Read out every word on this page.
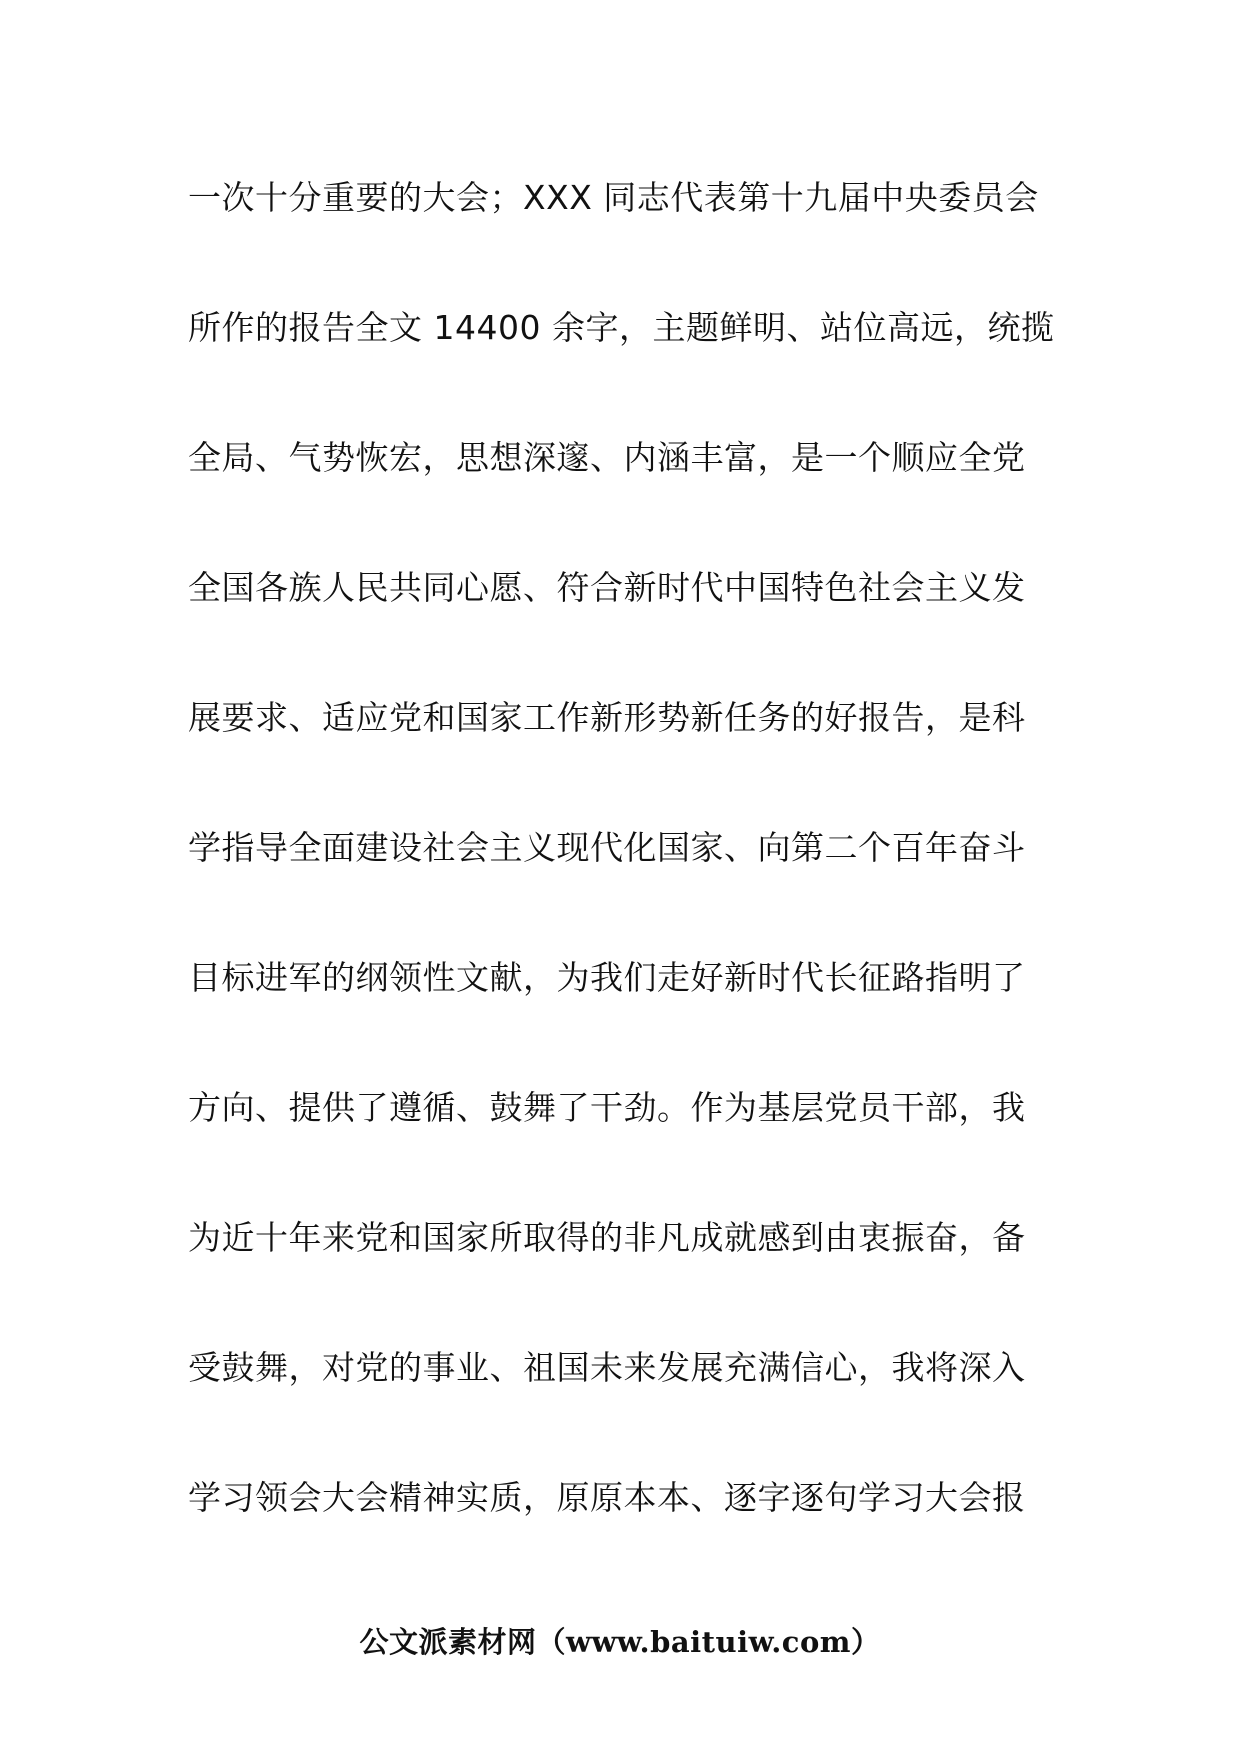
一次十分重要的大会；XXX 同志代表第十九届中央委员会
所作的报告全文 14400 余字，主题鲜明、站位高远，统揽
全局、气势恢宏，思想深邃、内涵丰富，是一个顺应全党
全国各族人民共同心愿、符合新时代中国特色社会主义发
展要求、适应党和国家工作新形势新任务的好报告，是科
学指导全面建设社会主义现代化国家、向第二个百年奋斗
目标进军的纲领性文献，为我们走好新时代长征路指明了
方向、提供了遵循、鼓舞了干劲。作为基层党员干部，我
为近十年来党和国家所取得的非凡成就感到由衷振奋，备
受鼓舞，对党的事业、祖国未来发展充满信心，我将深入
学习领会大会精神实质，原原本本、逐字逐句学习大会报
公文派素材网（www.baituiw.com）
